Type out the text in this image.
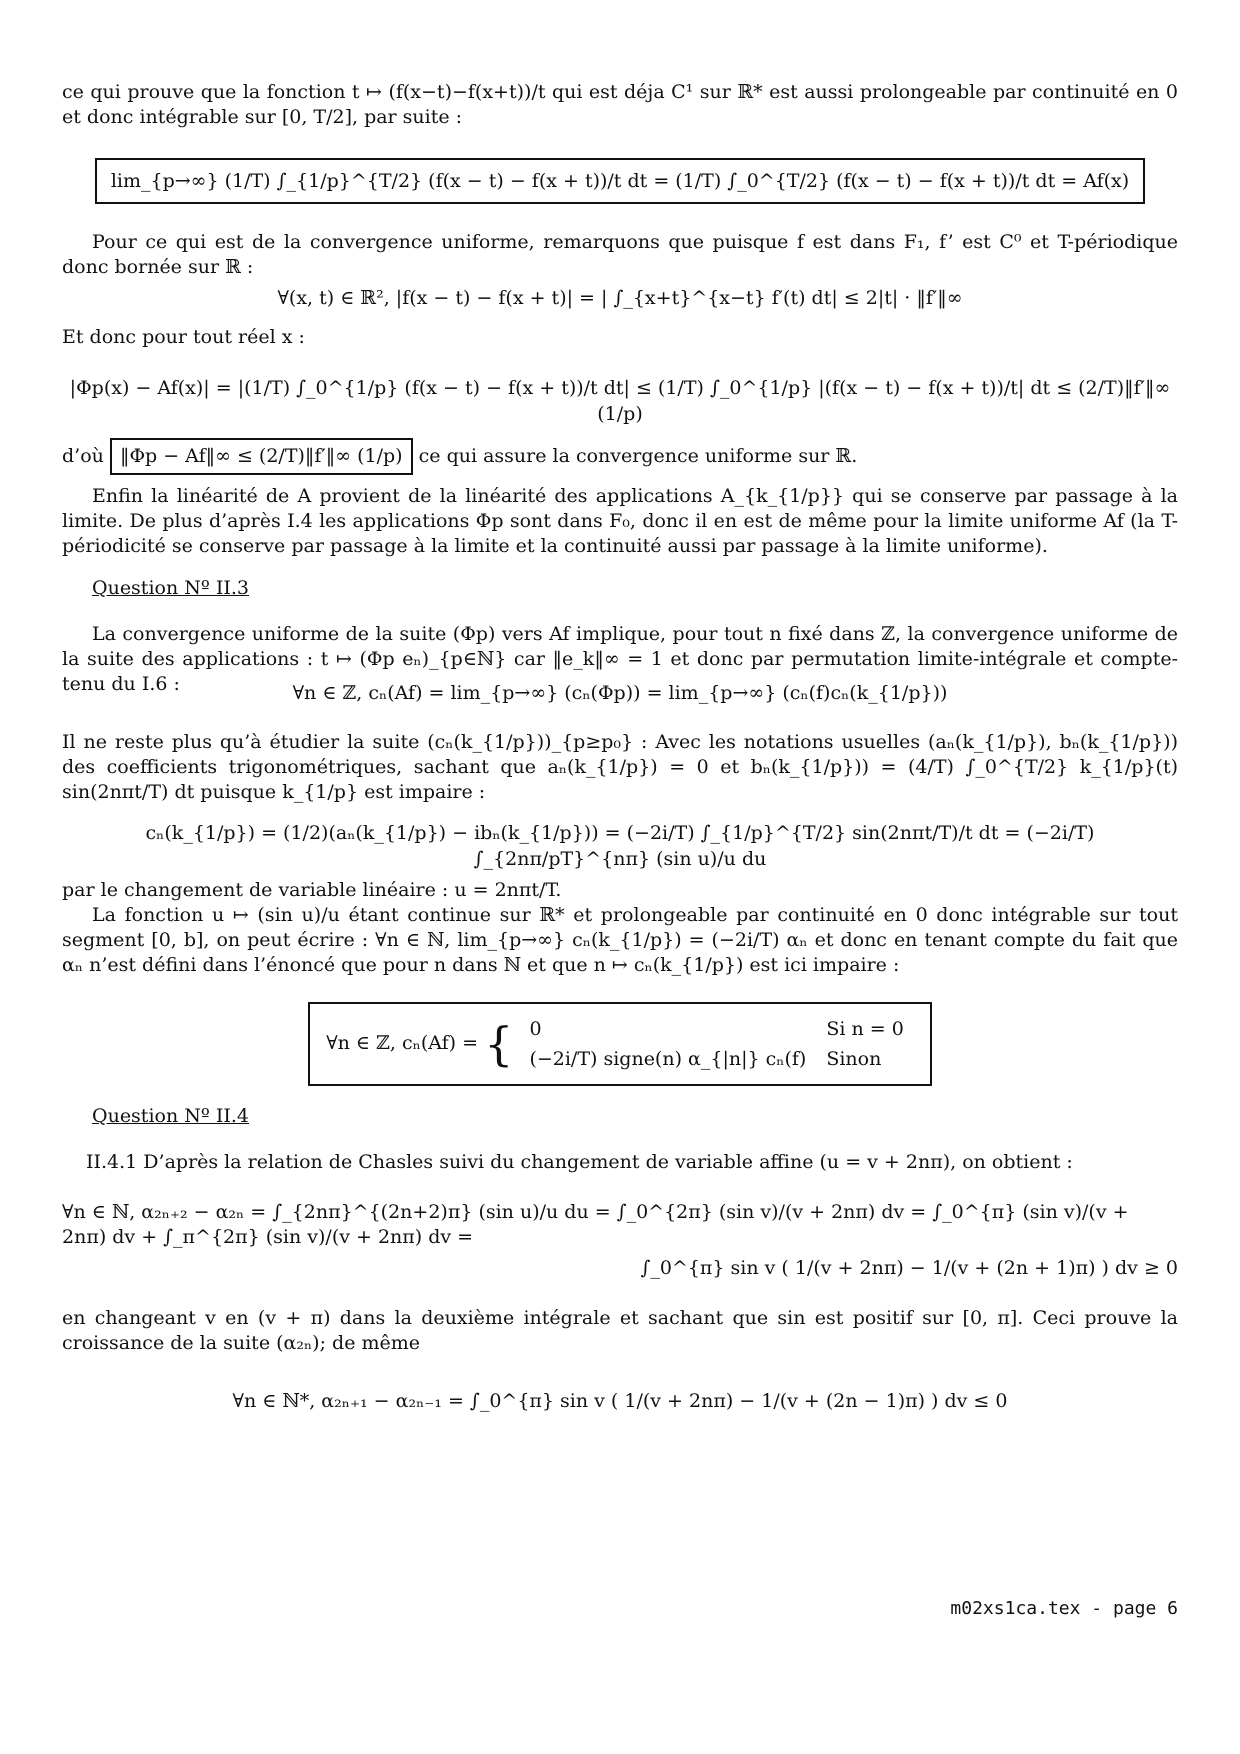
ce qui prouve que la fonction t ↦ (f(x−t)−f(x+t))/t qui est déja C¹ sur ℝ* est aussi prolongeable par continuité en 0 et donc intégrable sur [0, T/2], par suite :
lim_{p→∞} (1/T) ∫_{1/p}^{T/2} (f(x − t) − f(x + t))/t dt = (1/T) ∫_0^{T/2} (f(x − t) − f(x + t))/t dt = Af(x)
Pour ce qui est de la convergence uniforme, remarquons que puisque f est dans F₁, f’ est C⁰ et T-périodique donc bornée sur ℝ :
∀(x, t) ∈ ℝ², |f(x − t) − f(x + t)| = | ∫_{x+t}^{x−t} f′(t) dt| ≤ 2|t| · ‖f′‖∞
Et donc pour tout réel x :
|Φp(x) − Af(x)| = |(1/T) ∫_0^{1/p} (f(x − t) − f(x + t))/t dt| ≤ (1/T) ∫_0^{1/p} |(f(x − t) − f(x + t))/t| dt ≤ (2/T)‖f′‖∞ (1/p)
d’où ‖Φp − Af‖∞ ≤ (2/T)‖f′‖∞ (1/p) ce qui assure la convergence uniforme sur ℝ.
Enfin la linéarité de A provient de la linéarité des applications A_{k_{1/p}} qui se conserve par passage à la limite. De plus d’après I.4 les applications Φp sont dans F₀, donc il en est de même pour la limite uniforme Af (la T-périodicité se conserve par passage à la limite et la continuité aussi par passage à la limite uniforme).
Question Nº II.3
La convergence uniforme de la suite (Φp) vers Af implique, pour tout n fixé dans ℤ, la convergence uniforme de la suite des applications : t ↦ (Φp eₙ)_{p∈ℕ} car ‖e_k‖∞ = 1 et donc par permutation limite-intégrale et compte-tenu du I.6 :	∀n ∈ ℤ, cₙ(Af) = lim_{p→∞} (cₙ(Φp)) = lim_{p→∞} (cₙ(f)cₙ(k_{1/p}))
Il ne reste plus qu’à étudier la suite (cₙ(k_{1/p}))_{p≥p₀} : Avec les notations usuelles (aₙ(k_{1/p}), bₙ(k_{1/p})) des coefficients trigonométriques, sachant que aₙ(k_{1/p}) = 0 et bₙ(k_{1/p})) = (4/T) ∫_0^{T/2} k_{1/p}(t) sin(2nπt/T) dt puisque k_{1/p} est impaire :
cₙ(k_{1/p}) = (1/2)(aₙ(k_{1/p}) − ibₙ(k_{1/p})) = (−2i/T) ∫_{1/p}^{T/2} sin(2nπt/T)/t dt = (−2i/T) ∫_{2nπ/pT}^{nπ} (sin u)/u du
par le changement de variable linéaire : u = 2nπt/T.
La fonction u ↦ (sin u)/u étant continue sur ℝ* et prolongeable par continuité en 0 donc intégrable sur tout segment [0, b], on peut écrire : ∀n ∈ ℕ, lim_{p→∞} cₙ(k_{1/p}) = (−2i/T) αₙ et donc en tenant compte du fait que αₙ n’est défini dans l’énoncé que pour n dans ℕ et que n ↦ cₙ(k_{1/p}) est ici impaire :
∀n ∈ ℤ, cₙ(Af) = { 0	Si n = 0
(−2i/T) signe(n) α_{|n|} cₙ(f)	Sinon
Question Nº II.4
II.4.1 D’après la relation de Chasles suivi du changement de variable affine (u = v + 2nπ), on obtient :
∀n ∈ ℕ, α₂ₙ₊₂ − α₂ₙ = ∫_{2nπ}^{(2n+2)π} (sin u)/u du = ∫_0^{2π} (sin v)/(v + 2nπ) dv = ∫_0^{π} (sin v)/(v + 2nπ) dv + ∫_π^{2π} (sin v)/(v + 2nπ) dv =
∫_0^{π} sin v ( 1/(v + 2nπ) − 1/(v + (2n + 1)π) ) dv ≥ 0
en changeant v en (v + π) dans la deuxième intégrale et sachant que sin est positif sur [0, π]. Ceci prouve la croissance de la suite (α₂ₙ); de même
∀n ∈ ℕ*, α₂ₙ₊₁ − α₂ₙ₋₁ = ∫_0^{π} sin v ( 1/(v + 2nπ) − 1/(v + (2n − 1)π) ) dv ≤ 0
m02xs1ca.tex - page 6
